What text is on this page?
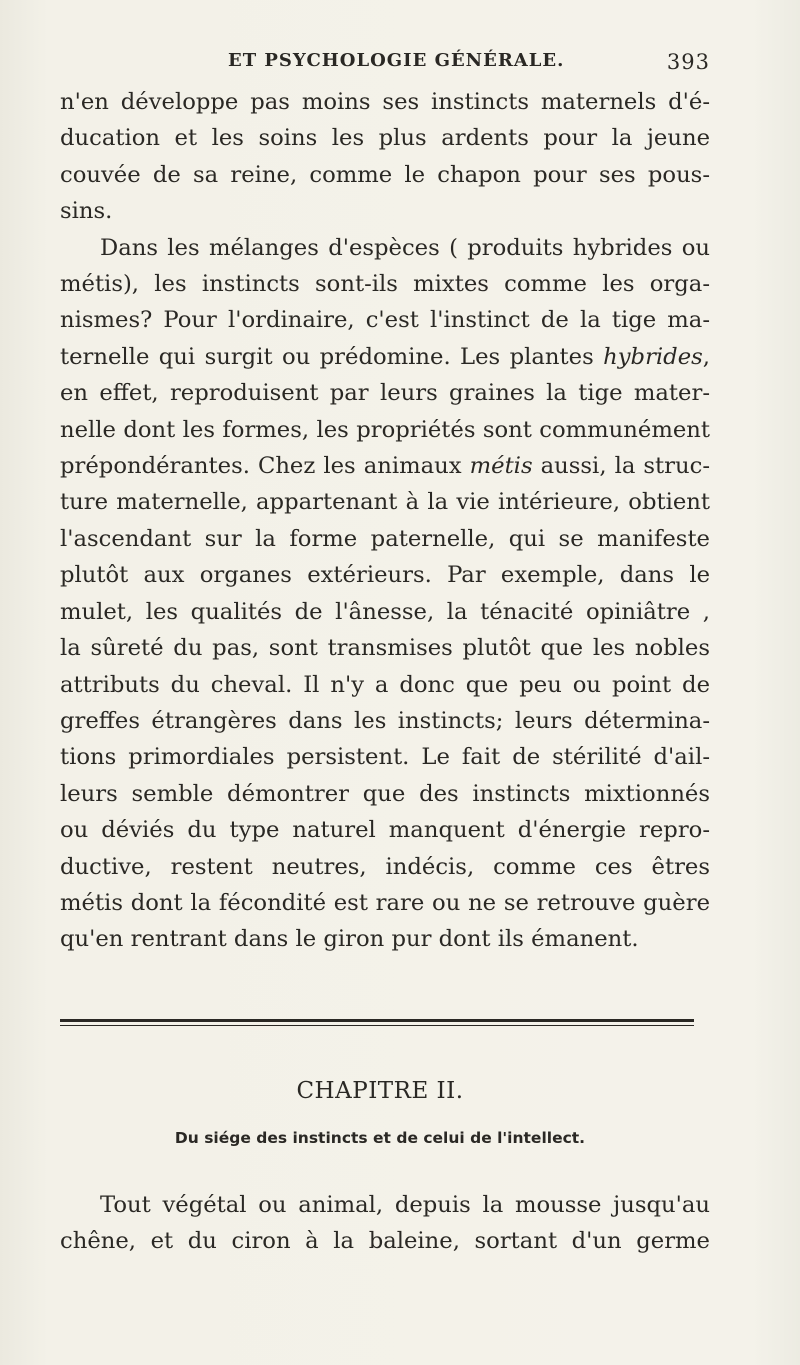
ET PSYCHOLOGIE GÉNÉRALE.	393

n'en développe pas moins ses instincts maternels d'é-
ducation et les soins les plus ardents pour la jeune
couvée de sa reine, comme le chapon pour ses pous-
sins.

Dans les mélanges d'espèces ( produits hybrides ou
métis), les instincts sont-ils mixtes comme les orga-
nismes? Pour l'ordinaire, c'est l'instinct de la tige ma-
ternelle qui surgit ou prédomine. Les plantes hybrides,
en effet, reproduisent par leurs graines la tige mater-
nelle dont les formes, les propriétés sont communément
prépondérantes. Chez les animaux métis aussi, la struc-
ture maternelle, appartenant à la vie intérieure, obtient
l'ascendant sur la forme paternelle, qui se manifeste
plutôt aux organes extérieurs. Par exemple, dans le
mulet, les qualités de l'ânesse, la ténacité opiniâtre ,
la sûreté du pas, sont transmises plutôt que les nobles
attributs du cheval. Il n'y a donc que peu ou point de
greffes étrangères dans les instincts; leurs détermina-
tions primordiales persistent. Le fait de stérilité d'ail-
leurs semble démontrer que des instincts mixtionnés
ou déviés du type naturel manquent d'énergie repro-
ductive, restent neutres, indécis, comme ces êtres
métis dont la fécondité est rare ou ne se retrouve guère
qu'en rentrant dans le giron pur dont ils émanent.

CHAPITRE II.
Du siége des instincts et de celui de l'intellect.
Tout végétal ou animal, depuis la mousse jusqu'au
chêne, et du ciron à la baleine, sortant d'un germe
